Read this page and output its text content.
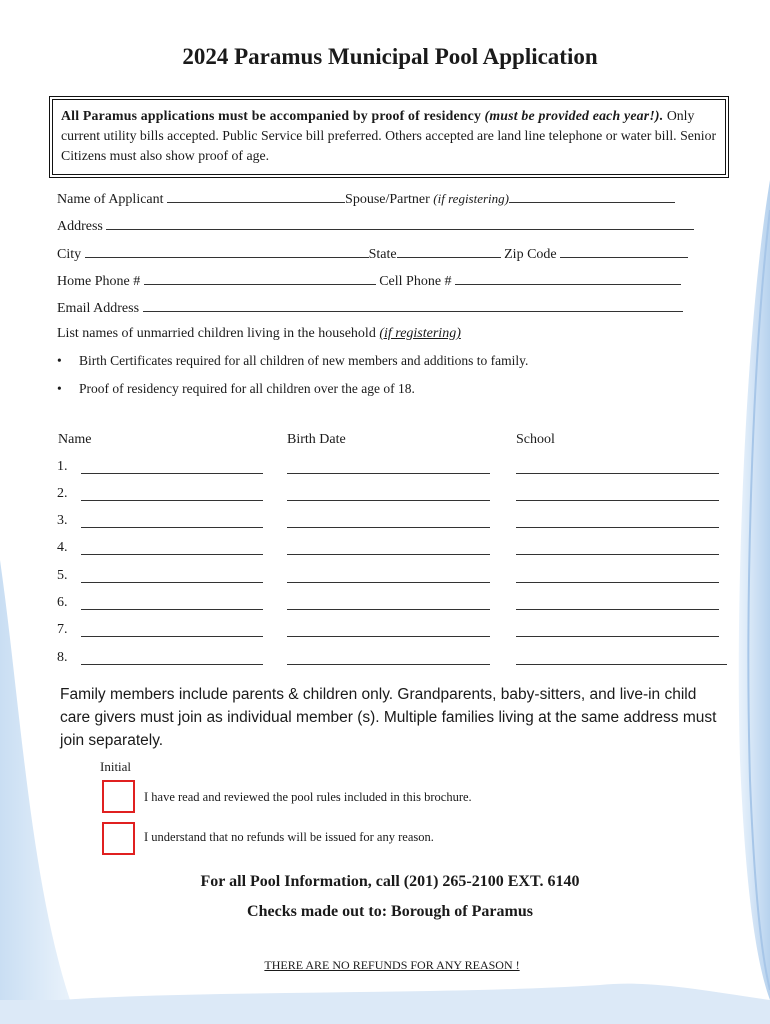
2024 Paramus Municipal Pool Application
All Paramus applications must be accompanied by proof of residency (must be provided each year!). Only current utility bills accepted. Public Service bill preferred. Others accepted are land line telephone or water bill. Senior Citizens must also show proof of age.
Name of Applicant	Spouse/Partner (if registering)
Address
City	State	Zip Code
Home Phone #	Cell Phone #
Email Address
List names of unmarried children living in the household (if registering)
• Birth Certificates required for all children of new members and additions to family.
• Proof of residency required for all children over the age of 18.
Name	Birth Date	School
1.
2.
3.
4.
5.
6.
7.
8.
Family members include parents & children only. Grandparents, baby-sitters, and live-in child care givers must join as individual member (s). Multiple families living at the same address must join separately.
Initial
I have read and reviewed the pool rules included in this brochure.
I understand that no refunds will be issued for any reason.
For all Pool Information, call (201) 265-2100 EXT. 6140
Checks made out to: Borough of Paramus
THERE ARE NO REFUNDS FOR ANY REASON !
